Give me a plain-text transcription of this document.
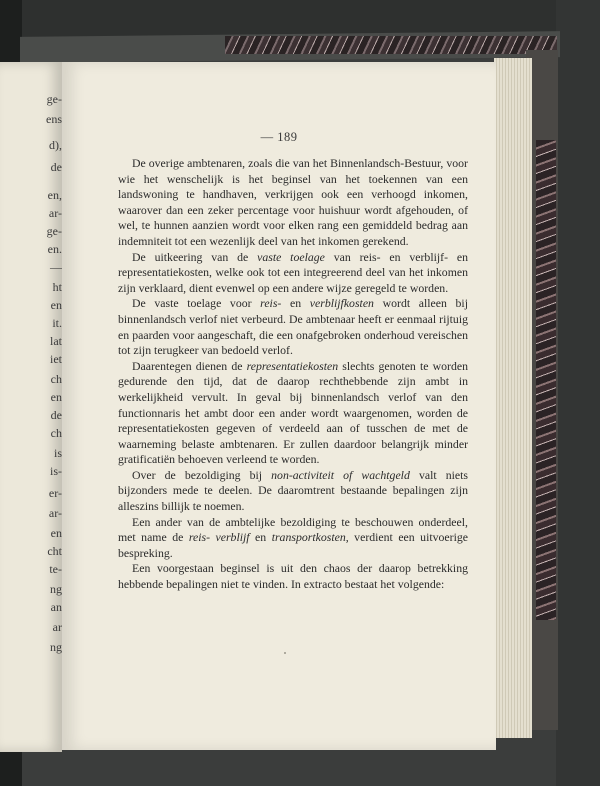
ge-
ens
d),
de
en,
ar-
ge-
en.
—
ht
en
it.
lat
iet
ch
en
de
ch
is
is-
er-
ar-
en
cht
te-
ng
an
ar
ng
— 189

De overige ambtenaren, zoals die van het Binnenlandsch-Bestuur, voor wie het wenschelijk is het beginsel van het toekennen van een landswoning te handhaven, verkrijgen ook een verhoogd inkomen, waarover dan een zeker percentage voor huishuur wordt afgehouden, of wel, te hunnen aanzien wordt voor elken rang een gemiddeld bedrag aan indemniteit tot een wezenlijk deel van het inkomen gerekend.

De uitkeering van de vaste toelage van reis- en verblijf- en representatiekosten, welke ook tot een integreerend deel van het inkomen zijn verklaard, dient evenwel op een andere wijze geregeld te worden.

De vaste toelage voor reis- en verblijfkosten wordt alleen bij binnenlandsch verlof niet verbeurd. De ambtenaar heeft er eenmaal rijtuig en paarden voor aangeschaft, die een onafgebroken onderhoud vereischen tot zijn terugkeer van bedoeld verlof.

Daarentegen dienen de representatiekosten slechts genoten te worden gedurende den tijd, dat de daarop rechthebbende zijn ambt in werkelijkheid vervult. In geval bij binnenlandsch verlof van den functionnaris het ambt door een ander wordt waargenomen, worden de representatiekosten gegeven of verdeeld aan of tusschen de met de waarneming belaste ambtenaren. Er zullen daardoor belangrijk minder gratificatiën behoeven verleend te worden.

Over de bezoldiging bij non-activiteit of wachtgeld valt niets bijzonders mede te deelen. De daaromtrent bestaande bepalingen zijn alleszins billijk te noemen.

Een ander van de ambtelijke bezoldiging te beschouwen onderdeel, met name de reis- verblijf en transportkosten, verdient een uitvoerige bespreking.

Een voorgestaan beginsel is uit den chaos der daarop betrekking hebbende bepalingen niet te vinden. In extracto bestaat het volgende:
